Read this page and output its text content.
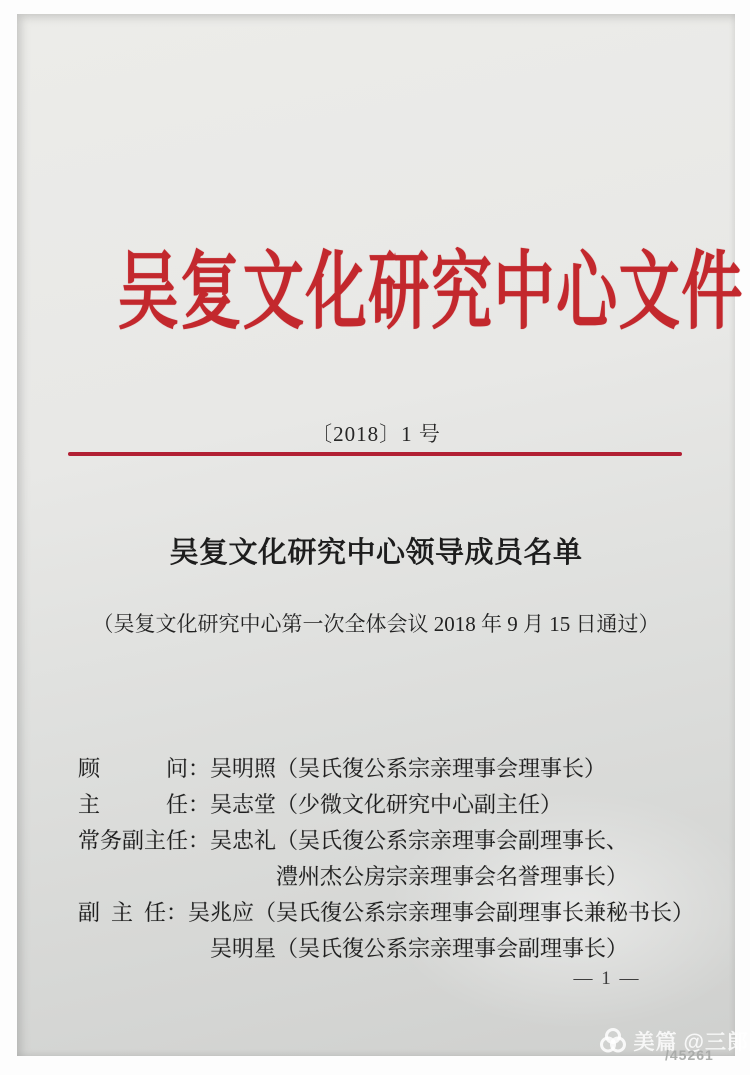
吴复文化研究中心文件
〔2018〕1 号
吴复文化研究中心领导成员名单
（吴复文化研究中心第一次全体会议 2018 年 9 月 15 日通过）
顾　　　问：吴明照（吴氏復公系宗亲理事会理事长）
主　　　任：吴志堂（少微文化研究中心副主任）
常务副主任：吴忠礼（吴氏復公系宗亲理事会副理事长、
　　　　　　　　　澧州杰公房宗亲理事会名誉理事长）
副 主 任：吴兆应（吴氏復公系宗亲理事会副理事长兼秘书长）
　　　　　　吴明星（吴氏復公系宗亲理事会副理事长）
— 1 —
美篇 @三郎
/45261
